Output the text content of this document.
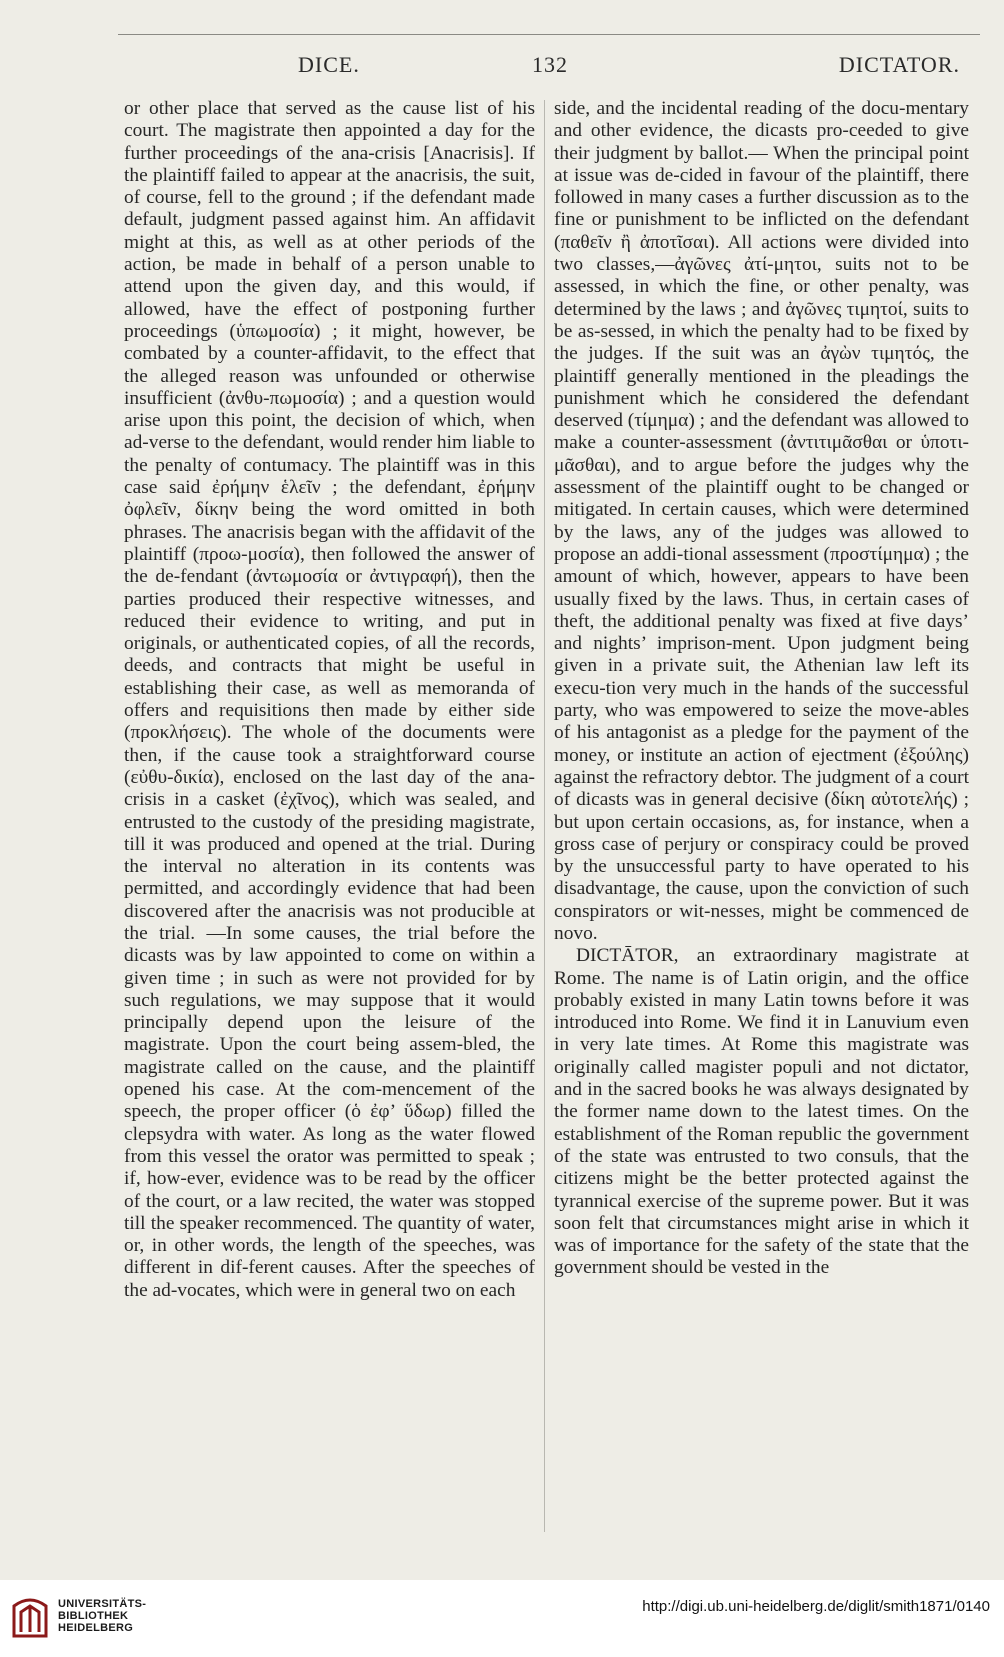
DICE.	132	DICTATOR.

or other place that served as the cause list of his court. The magistrate then appointed a day for the further proceedings of the ana-crisis [Anacrisis]. If the plaintiff failed to appear at the anacrisis, the suit, of course, fell to the ground ; if the defendant made default, judgment passed against him. An affidavit might at this, as well as at other periods of the action, be made in behalf of a person unable to attend upon the given day, and this would, if allowed, have the effect of postponing further proceedings (ὑπωμοσία) ; it might, however, be combated by a counter-affidavit, to the effect that the alleged reason was unfounded or otherwise insufficient (ἀνθυ-πωμοσία) ; and a question would arise upon this point, the decision of which, when ad-verse to the defendant, would render him liable to the penalty of contumacy. The plaintiff was in this case said ἐρήμην ἑλεῖν ; the defendant, ἐρήμην ὀφλεῖν, δίκην being the word omitted in both phrases. The anacrisis began with the affidavit of the plaintiff (προω-μοσία), then followed the answer of the de-fendant (ἀντωμοσία or ἀντιγραφή), then the parties produced their respective witnesses, and reduced their evidence to writing, and put in originals, or authenticated copies, of all the records, deeds, and contracts that might be useful in establishing their case, as well as memoranda of offers and requisitions then made by either side (προκλήσεις). The whole of the documents were then, if the cause took a straightforward course (εὐθυ-δικία), enclosed on the last day of the ana-crisis in a casket (ἐχῖνος), which was sealed, and entrusted to the custody of the presiding magistrate, till it was produced and opened at the trial. During the interval no alteration in its contents was permitted, and accordingly evidence that had been discovered after the anacrisis was not producible at the trial. —In some causes, the trial before the dicasts was by law appointed to come on within a given time ; in such as were not provided for by such regulations, we may suppose that it would principally depend upon the leisure of the magistrate. Upon the court being assem-bled, the magistrate called on the cause, and the plaintiff opened his case. At the com-mencement of the speech, the proper officer (ὁ ἐφ’ ὕδωρ) filled the clepsydra with water. As long as the water flowed from this vessel the orator was permitted to speak ; if, how-ever, evidence was to be read by the officer of the court, or a law recited, the water was stopped till the speaker recommenced. The quantity of water, or, in other words, the length of the speeches, was different in dif-ferent causes. After the speeches of the ad-vocates, which were in general two on each

side, and the incidental reading of the docu-mentary and other evidence, the dicasts pro-ceeded to give their judgment by ballot.— When the principal point at issue was de-cided in favour of the plaintiff, there followed in many cases a further discussion as to the fine or punishment to be inflicted on the defendant (παθεῖν ἢ ἀποτῖσαι). All actions were divided into two classes,—ἀγῶνες ἀτί-μητοι, suits not to be assessed, in which the fine, or other penalty, was determined by the laws ; and ἀγῶνες τιμητοί, suits to be as-sessed, in which the penalty had to be fixed by the judges. If the suit was an ἀγὼν τιμητός, the plaintiff generally mentioned in the pleadings the punishment which he considered the defendant deserved (τίμημα) ; and the defendant was allowed to make a counter-assessment (ἀντιτιμᾶσθαι or ὑποτι-μᾶσθαι), and to argue before the judges why the assessment of the plaintiff ought to be changed or mitigated. In certain causes, which were determined by the laws, any of the judges was allowed to propose an addi-tional assessment (προστίμημα) ; the amount of which, however, appears to have been usually fixed by the laws. Thus, in certain cases of theft, the additional penalty was fixed at five days’ and nights’ imprison-ment. Upon judgment being given in a private suit, the Athenian law left its execu-tion very much in the hands of the successful party, who was empowered to seize the move-ables of his antagonist as a pledge for the payment of the money, or institute an action of ejectment (ἐξούλης) against the refractory debtor. The judgment of a court of dicasts was in general decisive (δίκη αὐτοτελής) ; but upon certain occasions, as, for instance, when a gross case of perjury or conspiracy could be proved by the unsuccessful party to have operated to his disadvantage, the cause, upon the conviction of such conspirators or wit-nesses, might be commenced de novo.

DICTĀTOR, an extraordinary magistrate at Rome. The name is of Latin origin, and the office probably existed in many Latin towns before it was introduced into Rome. We find it in Lanuvium even in very late times. At Rome this magistrate was originally called magister populi and not dictator, and in the sacred books he was always designated by the former name down to the latest times. On the establishment of the Roman republic the government of the state was entrusted to two consuls, that the citizens might be the better protected against the tyrannical exercise of the supreme power. But it was soon felt that circumstances might arise in which it was of importance for the safety of the state that the government should be vested in the

UNIVERSITÄTS-
BIBLIOTHEK
HEIDELBERG
http://digi.ub.uni-heidelberg.de/diglit/smith1871/0140
